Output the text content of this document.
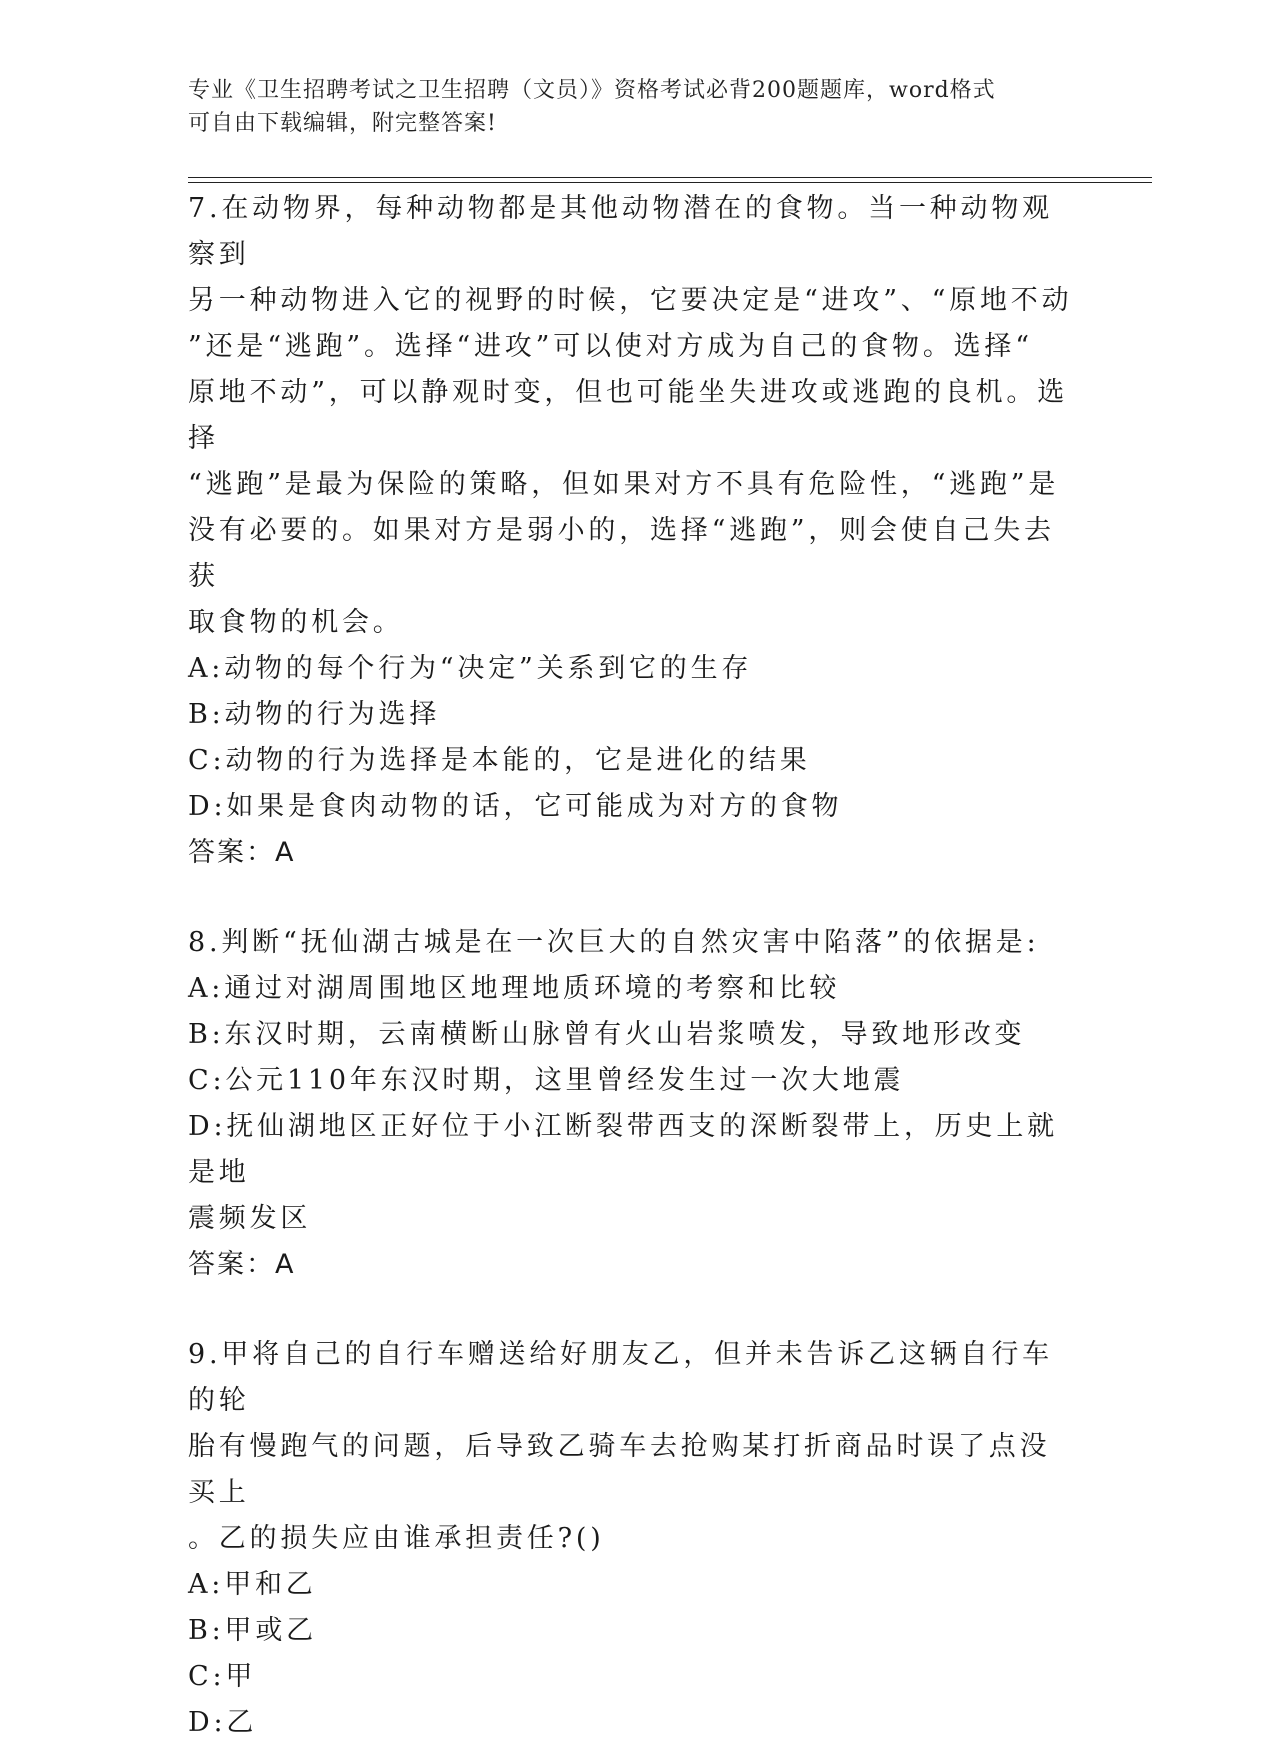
专业《卫生招聘考试之卫生招聘（文员）》资格考试必背200题题库，word格式
可自由下载编辑，附完整答案!
7.在动物界，每种动物都是其他动物潜在的食物。当一种动物观察到
另一种动物进入它的视野的时候，它要决定是“进攻”、“原地不动
”还是“逃跑”。选择“进攻”可以使对方成为自己的食物。选择“
原地不动”，可以静观时变，但也可能坐失进攻或逃跑的良机。选择
“逃跑”是最为保险的策略，但如果对方不具有危险性，“逃跑”是
没有必要的。如果对方是弱小的，选择“逃跑”，则会使自己失去获
取食物的机会。
A:动物的每个行为“决定”关系到它的生存
B:动物的行为选择
C:动物的行为选择是本能的，它是进化的结果
D:如果是食肉动物的话，它可能成为对方的食物
答案：A
8.判断“抚仙湖古城是在一次巨大的自然灾害中陷落”的依据是:
A:通过对湖周围地区地理地质环境的考察和比较
B:东汉时期，云南横断山脉曾有火山岩浆喷发，导致地形改变
C:公元110年东汉时期，这里曾经发生过一次大地震
D:抚仙湖地区正好位于小江断裂带西支的深断裂带上，历史上就是地
震频发区
答案：A
9.甲将自己的自行车赠送给好朋友乙，但并未告诉乙这辆自行车的轮
胎有慢跑气的问题，后导致乙骑车去抢购某打折商品时误了点没买上
。乙的损失应由谁承担责任?()
A:甲和乙
B:甲或乙
C:甲
D:乙
